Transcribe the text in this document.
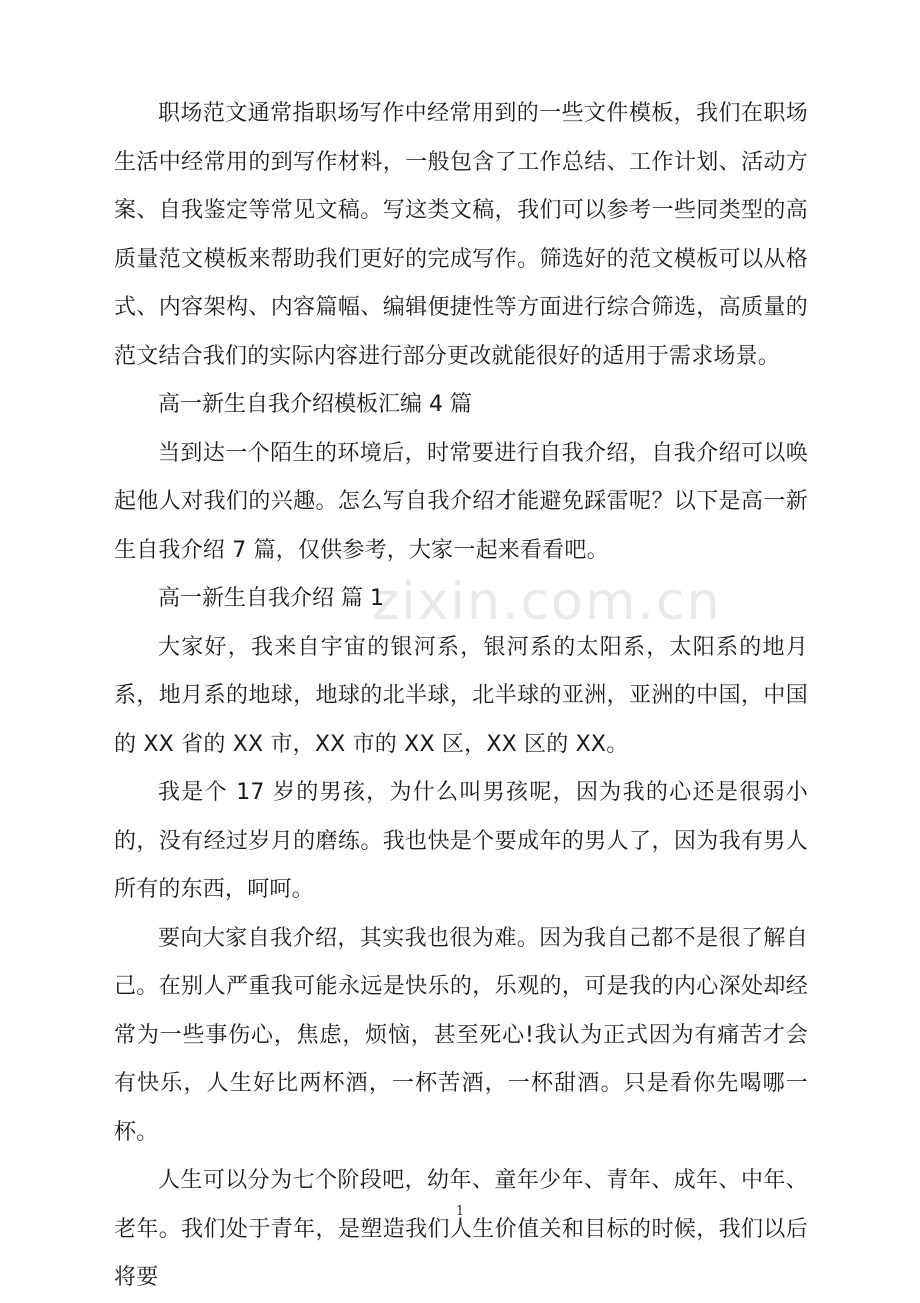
zixin.com.cn

职场范文通常指职场写作中经常用到的一些文件模板，我们在职场生活中经常用的到写作材料，一般包含了工作总结、工作计划、活动方案、自我鉴定等常见文稿。写这类文稿，我们可以参考一些同类型的高质量范文模板来帮助我们更好的完成写作。筛选好的范文模板可以从格式、内容架构、内容篇幅、编辑便捷性等方面进行综合筛选，高质量的范文结合我们的实际内容进行部分更改就能很好的适用于需求场景。

高一新生自我介绍模板汇编 4 篇

当到达一个陌生的环境后，时常要进行自我介绍，自我介绍可以唤起他人对我们的兴趣。怎么写自我介绍才能避免踩雷呢？以下是高一新生自我介绍 7 篇，仅供参考，大家一起来看看吧。

高一新生自我介绍 篇 1

大家好，我来自宇宙的银河系，银河系的太阳系，太阳系的地月系，地月系的地球，地球的北半球，北半球的亚洲，亚洲的中国，中国的 XX 省的 XX 市，XX 市的 XX 区，XX 区的 XX。

我是个 17 岁的男孩，为什么叫男孩呢，因为我的心还是很弱小的，没有经过岁月的磨练。我也快是个要成年的男人了，因为我有男人所有的东西，呵呵。

要向大家自我介绍，其实我也很为难。因为我自己都不是很了解自己。在别人严重我可能永远是快乐的，乐观的，可是我的内心深处却经常为一些事伤心，焦虑，烦恼，甚至死心!我认为正式因为有痛苦才会有快乐，人生好比两杯酒，一杯苦酒，一杯甜酒。只是看你先喝哪一杯。

人生可以分为七个阶段吧，幼年、童年少年、青年、成年、中年、老年。我们处于青年，是塑造我们人生价值关和目标的时候，我们以后将要

1
